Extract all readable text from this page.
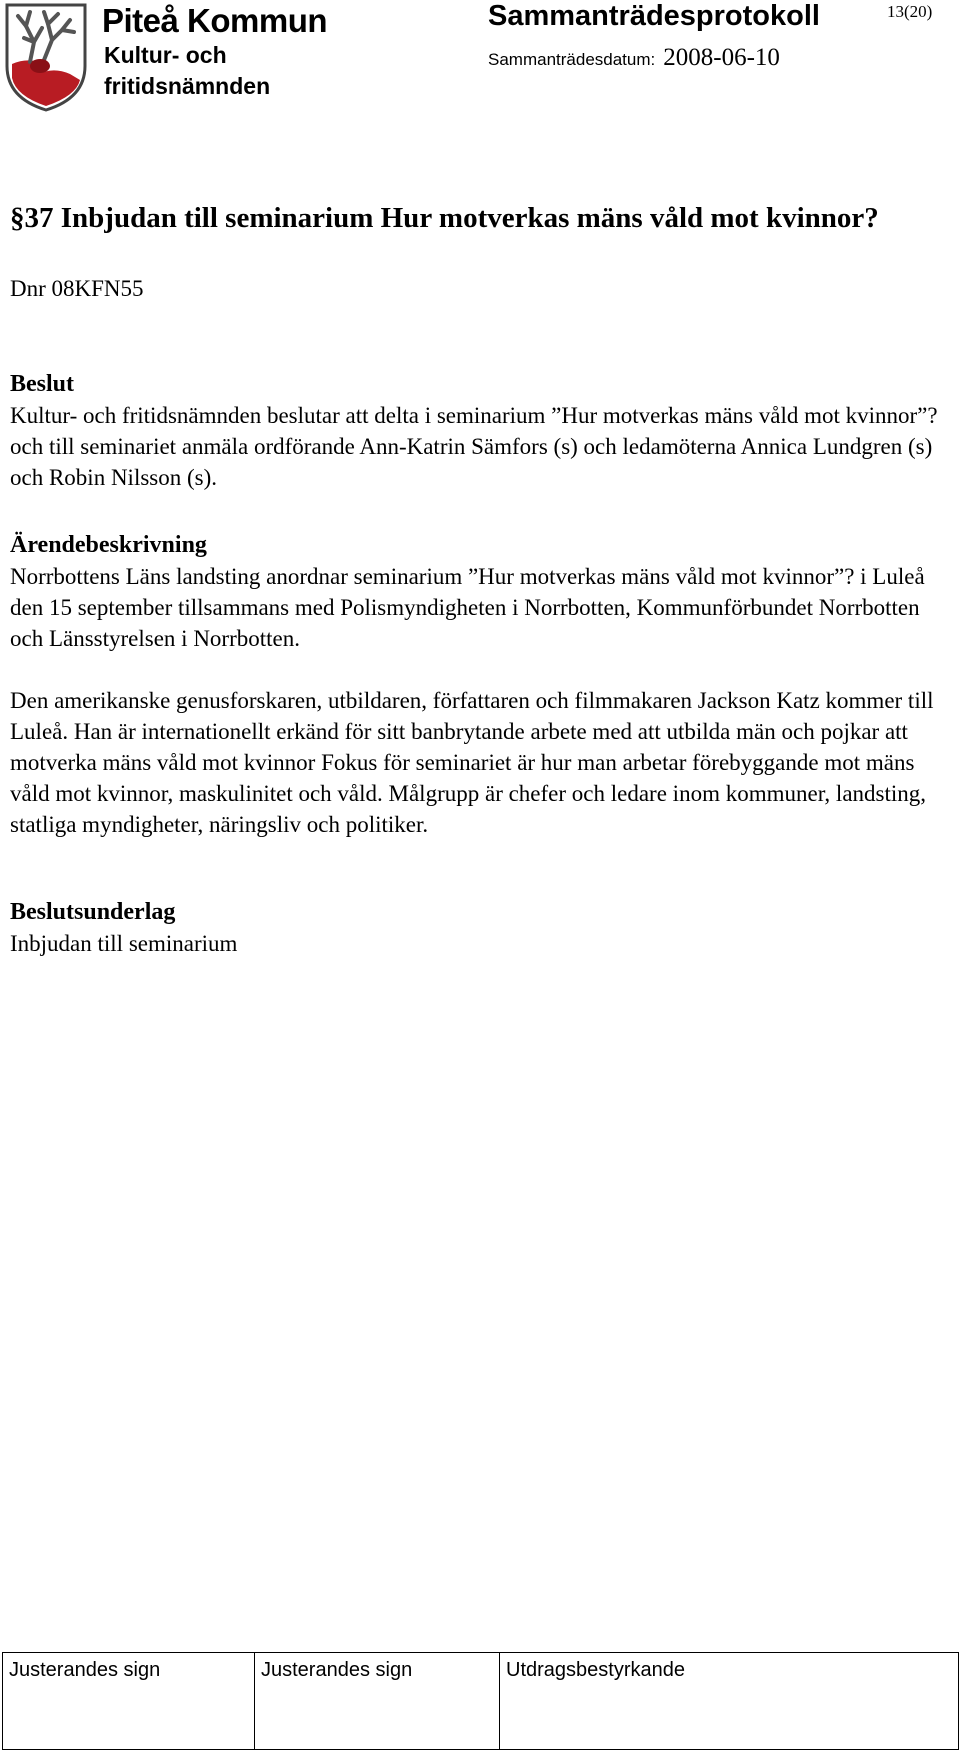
Piteå Kommun
Kultur- och fritidsnämnden
Sammanträdesprotokoll	13(20)
Sammanträdesdatum: 2008-06-10
§37 Inbjudan till seminarium Hur motverkas mäns våld mot kvinnor?
Dnr 08KFN55
Beslut

Kultur- och fritidsnämnden beslutar att delta i seminarium ”Hur motverkas mäns våld mot kvinnor”? och till seminariet anmäla ordförande Ann-Katrin Sämfors (s) och ledamöterna Annica Lundgren (s) och Robin Nilsson (s).

Ärendebeskrivning

Norrbottens Läns landsting anordnar seminarium ”Hur motverkas mäns våld mot kvinnor”? i Luleå den 15 september tillsammans med Polismyndigheten i Norrbotten, Kommunförbundet Norrbotten och Länsstyrelsen i Norrbotten.

Den amerikanske genusforskaren, utbildaren, författaren och filmmakaren Jackson Katz kommer till Luleå. Han är internationellt erkänd för sitt banbrytande arbete med att utbilda män och pojkar att motverka mäns våld mot kvinnor Fokus för seminariet är hur man arbetar förebyggande mot mäns våld mot kvinnor, maskulinitet och våld. Målgrupp är chefer och ledare inom kommuner, landsting, statliga myndigheter, näringsliv och politiker.

Beslutsunderlag

Inbjudan till seminarium

Justerandes sign	Justerandes sign	Utdragsbestyrkande
